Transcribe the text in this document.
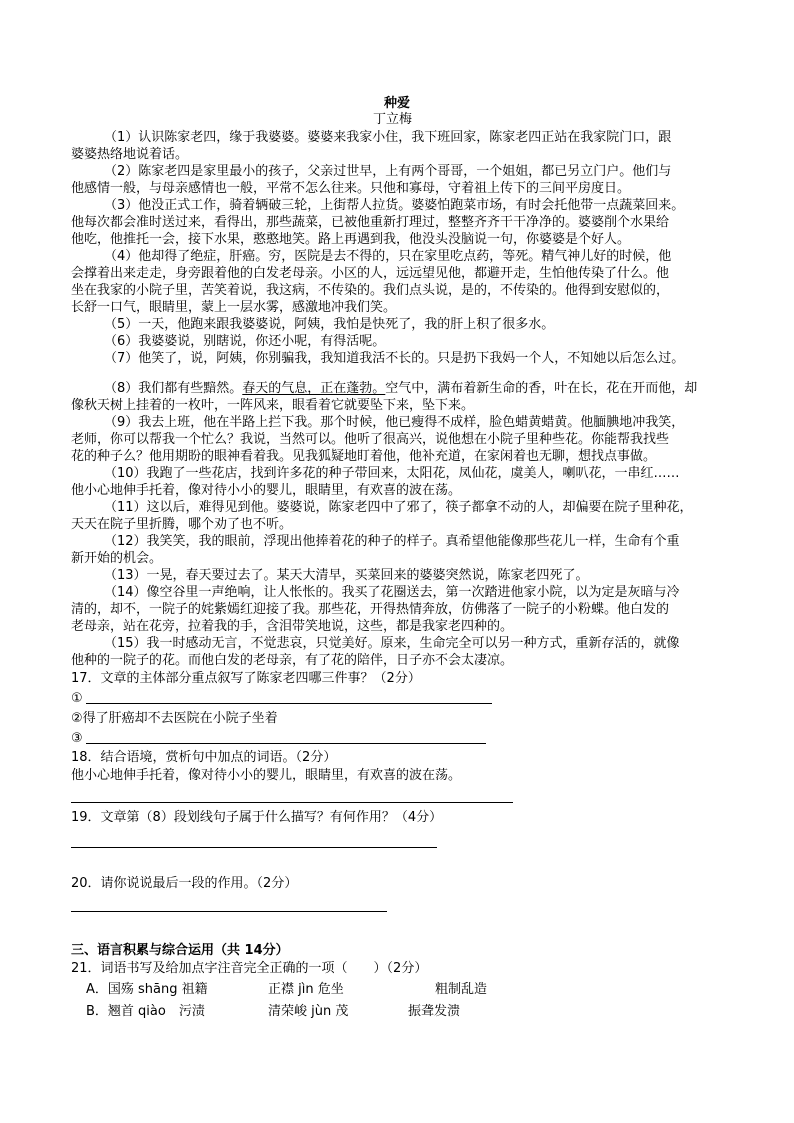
种爱
丁立梅
（1）认识陈家老四，缘于我婆婆。婆婆来我家小住，我下班回家，陈家老四正站在我家院门口，跟
婆婆热络地说着话。
（2）陈家老四是家里最小的孩子，父亲过世早，上有两个哥哥，一个姐姐，都已另立门户。他们与
他感情一般，与母亲感情也一般，平常不怎么往来。只他和寡母，守着祖上传下的三间平房度日。
（3）他没正式工作，骑着辆破三轮，上街帮人拉货。婆婆怕跑菜市场，有时会托他带一点蔬菜回来。
他每次都会准时送过来，看得出，那些蔬菜，已被他重新打理过，整整齐齐干干净净的。婆婆削个水果给
他吃，他推托一会，接下水果，憨憨地笑。路上再遇到我，他没头没脑说一句，你婆婆是个好人。
（4）他却得了绝症，肝癌。穷，医院是去不得的，只在家里吃点药，等死。精气神儿好的时候，他
会撑着出来走走，身旁跟着他的白发老母亲。小区的人，远远望见他，都避开走，生怕他传染了什么。他
坐在我家的小院子里，苦笑着说，我这病，不传染的。我们点头说，是的，不传染的。他得到安慰似的，
长舒一口气，眼睛里，蒙上一层水雾，感激地冲我们笑。
（5）一天，他跑来跟我婆婆说，阿姨，我怕是快死了，我的肝上积了很多水。
（6）我婆婆说，别瞎说，你还小呢，有得活呢。
（7）他笑了，说，阿姨，你别骗我，我知道我活不长的。只是扔下我妈一个人，不知她以后怎么过。
（8）我们都有些黯然。春天的气息，正在蓬勃。空气中，满布着新生命的香，叶在长，花在开而他，却
像秋天树上挂着的一枚叶，一阵风来，眼看着它就要坠下来，坠下来。
（9）我去上班，他在半路上拦下我。那个时候，他已瘦得不成样，脸色蜡黄蜡黄。他腼腆地冲我笑，
老师，你可以帮我一个忙么？我说，当然可以。他听了很高兴，说他想在小院子里种些花。你能帮我找些
花的种子么？他用期盼的眼神看着我。见我狐疑地盯着他，他补充道，在家闲着也无聊，想找点事做。
（10）我跑了一些花店，找到许多花的种子带回来，太阳花，凤仙花，虞美人，喇叭花，一串红……
他小心地伸手托着，像对待小小的婴儿，眼睛里，有欢喜的波在荡。
（11）这以后，难得见到他。婆婆说，陈家老四中了邪了，筷子都拿不动的人，却偏要在院子里种花，
天天在院子里折腾，哪个劝了也不听。
（12）我笑笑，我的眼前，浮现出他捧着花的种子的样子。真希望他能像那些花儿一样，生命有个重
新开始的机会。
（13）一晃，春天要过去了。某天大清早，买菜回来的婆婆突然说，陈家老四死了。
（14）像空谷里一声绝响，让人怅怅的。我买了花圈送去，第一次踏进他家小院，以为定是灰暗与冷
清的，却不，一院子的姹紫嫣红迎接了我。那些花，开得热情奔放，仿佛落了一院子的小粉蝶。他白发的
老母亲，站在花旁，拉着我的手，含泪带笑地说，这些，都是我家老四种的。
（15）我一时感动无言，不觉悲哀，只觉美好。原来，生命完全可以另一种方式，重新存活的，就像
他种的一院子的花。而他白发的老母亲，有了花的陪伴，日子亦不会太凄凉。
17．文章的主体部分重点叙写了陈家老四哪三件事？（2分）
①
②得了肝癌却不去医院在小院子坐着
③
18．结合语境，赏析句中加点的词语。（2分）
他小心地伸手托着，像对待小小的婴儿，眼睛里，有欢喜的波在荡。
19．文章第（8）段划线句子属于什么描写？有何作用？（4分）
20．请你说说最后一段的作用。（2分）
三、语言积累与综合运用（共 14分）
21．词语书写及给加点字注音完全正确的一项（　　）（2分）
A．国殇 shāng 祖籍	正襟 jìn 危坐	粗制乱造
B．翘首 qiào　污渍	清荣峻 jùn 茂	振聋发溃
